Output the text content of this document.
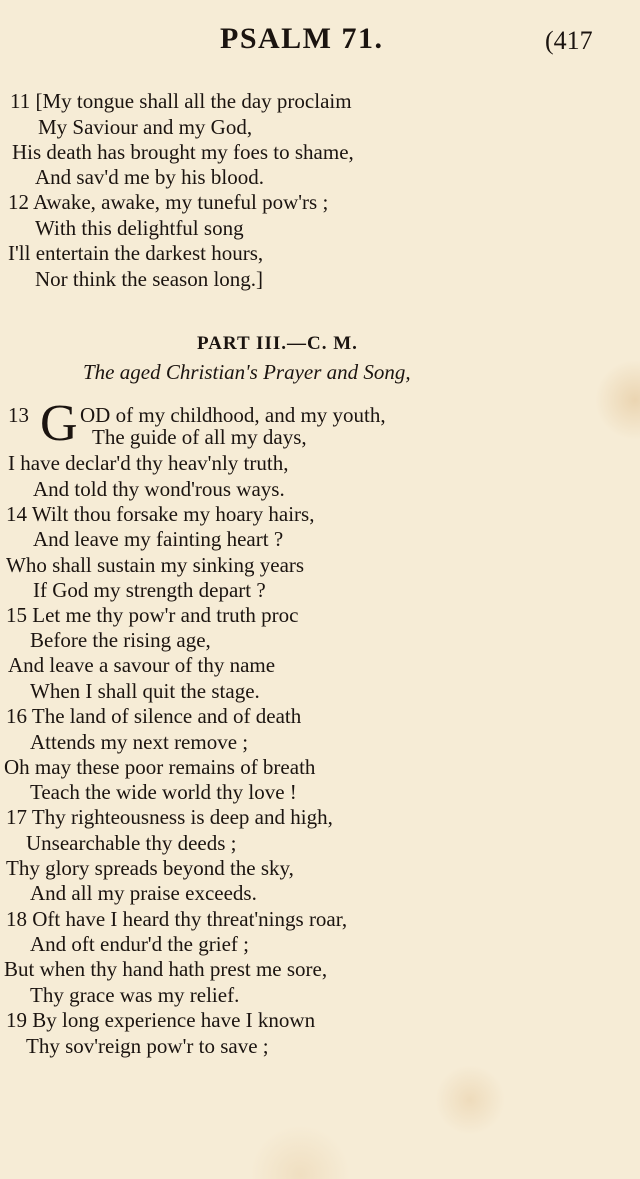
PSALM 71.	(417
11 [My tongue shall all the day proclaim
My Saviour and my God,
His death has brought my foes to shame,
And sav'd me by his blood.
12 Awake, awake, my tuneful pow'rs ;
With this delightful song
I'll entertain the darkest hours,
Nor think the season long.]
PART III.—C. M.
The aged Christian's Prayer and Song,
13 G OD of my childhood, and my youth,
The guide of all my days,
I have declar'd thy heav'nly truth,
And told thy wond'rous ways.
14 Wilt thou forsake my hoary hairs,
And leave my fainting heart ?
Who shall sustain my sinking years
If God my strength depart ?
15 Let me thy pow'r and truth proc
Before the rising age,
And leave a savour of thy name
When I shall quit the stage.
16 The land of silence and of death
Attends my next remove ;
Oh may these poor remains of breath
Teach the wide world thy love !
17 Thy righteousness is deep and high,
Unsearchable thy deeds ;
Thy glory spreads beyond the sky,
And all my praise exceeds.
18 Oft have I heard thy threat'nings roar,
And oft endur'd the grief ;
But when thy hand hath prest me sore,
Thy grace was my relief.
19 By long experience have I known
Thy sov'reign pow'r to save ;
